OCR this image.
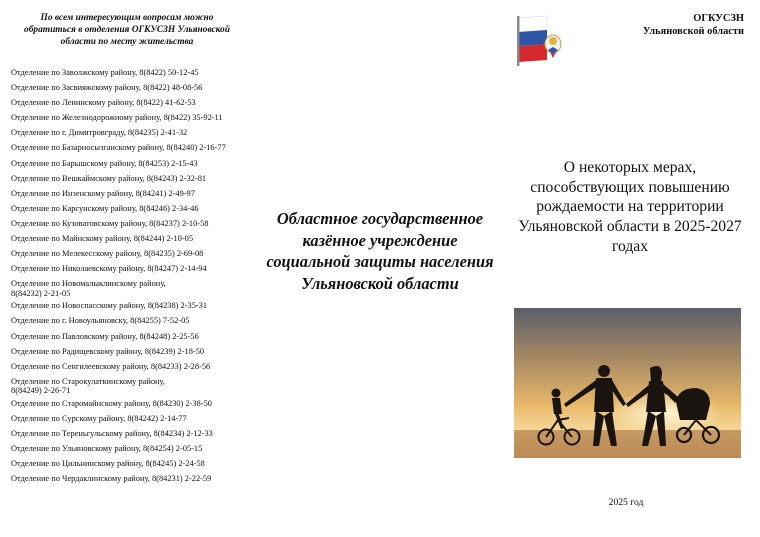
По всем интересующим вопросам можно обратиться в отделения ОГКУСЗН Ульяновской области по месту жительства
Отделение по Заволжскому району, 8(8422) 50-12-45
Отделение по Засвияжскому району, 8(8422) 48-08-56
Отделение по Ленинскому району, 8(8422) 41-62-53
Отделение по Железнодорожному району, 8(8422) 35-92-11
Отделение по г. Димитровграду, 8(84235) 2-41-32
Отделение по Базарносызганскому району, 8(84240) 2-16-77
Отделение по Барышскому району, 8(84253) 2-15-43
Отделение по Вешкаймскому району, 8(84243) 2-32-81
Отделение по Инзенскому району, 8(84241) 2-49-97
Отделение по Карсунскому району, 8(84246) 2-34-46
Отделение по Кузоватовскому району, 8(84237) 2-10-58
Отделение по Майнскому району, 8(84244) 2-10-05
Отделение по Мелекесскому району, 8(84235) 2-69-08
Отделение по Николаевскому району, 8(84247) 2-14-94
Отделение по Новомалыклинскому району, 8(84232) 2-21-05
Отделение по Новоспасскому району, 8(84238) 2-35-31
Отделение по г. Новоульяновску, 8(84255) 7-52-05
Отделение по Павловскому району, 8(84248) 2-25-56
Отделение по Радищевскому району, 8(84239) 2-18-50
Отделение по Сенгилеевскому району, 8(84233) 2-28-56
Отделение по Старокулаткинскому району, 8(84249) 2-26-71
Отделение по Старомайнскому району, 8(84230) 2-38-50
Отделение по Сурскому району, 8(84242) 2-14-77
Отделение по Тереньгульскому району, 8(84234) 2-12-33
Отделение по Ульяновскому району, 8(84254) 2-05-15
Отделение по Цильнинскому району, 8(84245) 2-24-58
Отделение по Чердаклинскому району, 8(84231) 2-22-59
Областное государственное казённое учреждение социальной защиты населения Ульяновской области
ОГКУСЗН
Ульяновской области
О некоторых мерах, способствующих повышению рождаемости на территории Ульяновской области в 2025-2027 годах
2025 год
